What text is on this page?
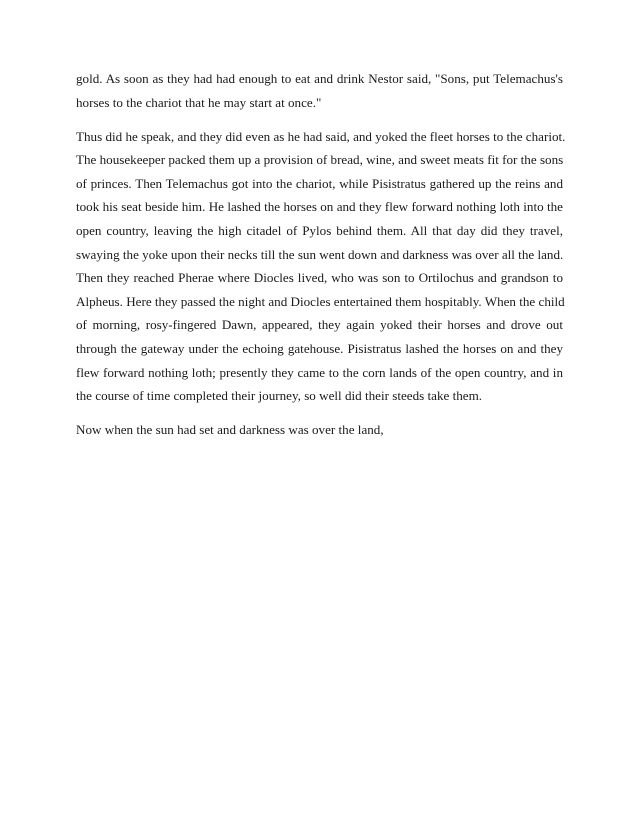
gold. As soon as they had had enough to eat and drink Nestor said, "Sons, put Telemachus's
horses to the chariot that he may start at once."

Thus did he speak, and they did even as he had said, and yoked the fleet horses to the chariot.
The housekeeper packed them up a provision of bread, wine, and sweet meats fit for the sons
of princes. Then Telemachus got into the chariot, while Pisistratus gathered up the reins and
took his seat beside him. He lashed the horses on and they flew forward nothing loth into the
open country, leaving the high citadel of Pylos behind them. All that day did they travel,
swaying the yoke upon their necks till the sun went down and darkness was over all the land.
Then they reached Pherae where Diocles lived, who was son to Ortilochus and grandson to
Alpheus. Here they passed the night and Diocles entertained them hospitably. When the child
of morning, rosy-fingered Dawn, appeared, they again yoked their horses and drove out
through the gateway under the echoing gatehouse. Pisistratus lashed the horses on and they
flew forward nothing loth; presently they came to the corn lands of the open country, and in
the course of time completed their journey, so well did their steeds take them.

Now when the sun had set and darkness was over the land,
